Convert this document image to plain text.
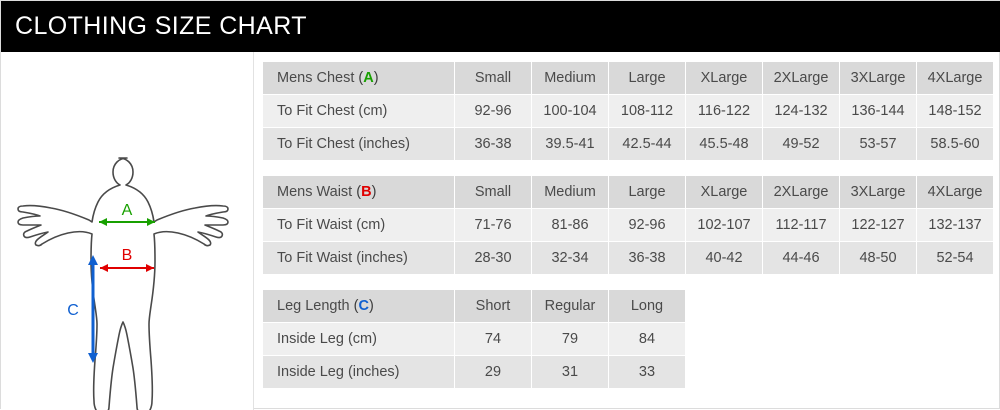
CLOTHING SIZE CHART
A
B
C
Mens Chest (A)	Small	Medium	Large	XLarge	2XLarge	3XLarge	4XLarge
To Fit Chest (cm)	92-96	100-104	108-112	116-122	124-132	136-144	148-152
To Fit Chest (inches)	36-38	39.5-41	42.5-44	45.5-48	49-52	53-57	58.5-60
Mens Waist (B)	Small	Medium	Large	XLarge	2XLarge	3XLarge	4XLarge
To Fit Waist (cm)	71-76	81-86	92-96	102-107	112-117	122-127	132-137
To Fit Waist (inches)	28-30	32-34	36-38	40-42	44-46	48-50	52-54
Leg Length (C)	Short	Regular	Long
Inside Leg (cm)	74	79	84
Inside Leg (inches)	29	31	33
